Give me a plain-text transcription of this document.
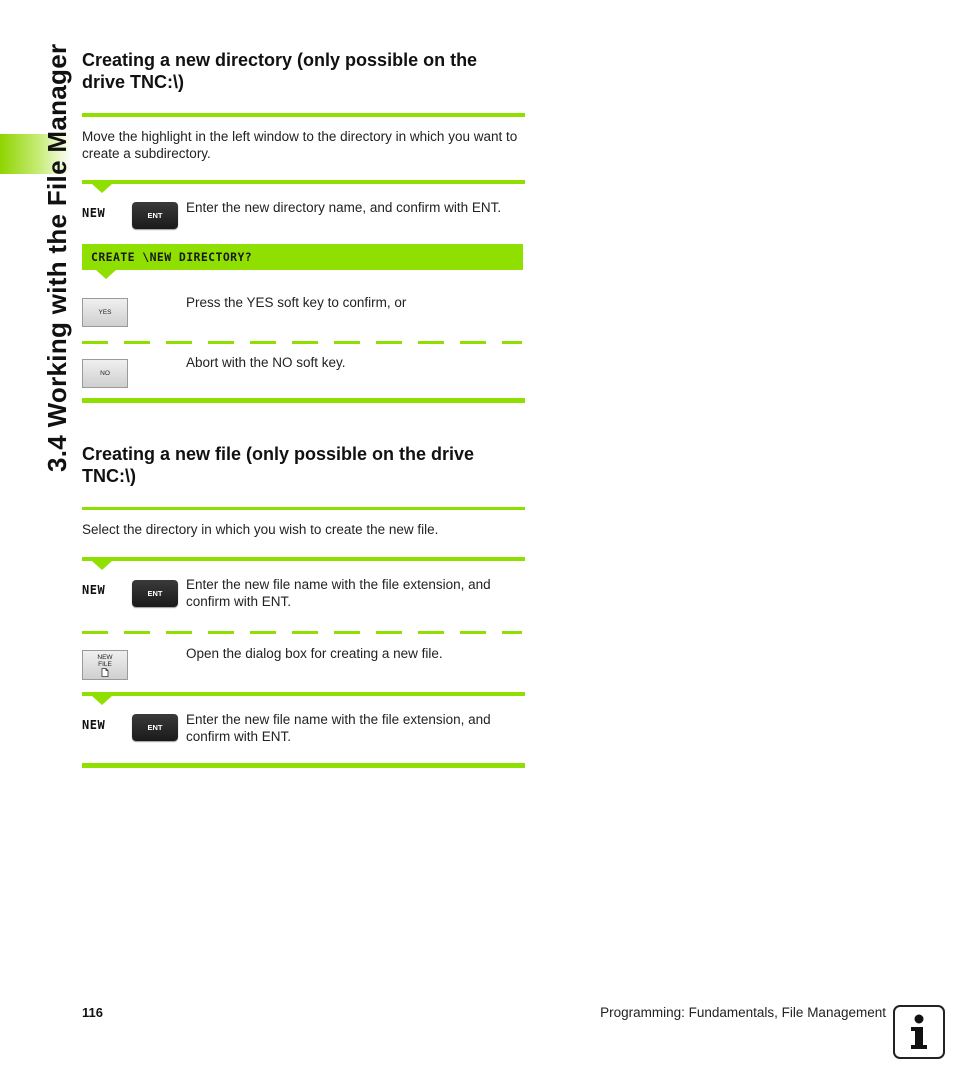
3.4 Working with the File Manager Creating a new directory (only possible on the drive TNC:\)

Move the highlight in the left window to the directory in which you want to create a subdirectory.

NEW	ENT

Enter the new directory name, and confirm with ENT.

CREATE \NEW DIRECTORY?
YES

Press the YES soft key to confirm, or

NO

Abort with the NO soft key.

Creating a new file (only possible on the drive TNC:\)

Select the directory in which you wish to create the new file.

NEW	ENT

Enter the new file name with the file extension, and confirm with ENT.

NEW
FILE

Open the dialog box for creating a new file.

NEW	ENT

Enter the new file name with the file extension, and confirm with ENT.

116	Programming: Fundamentals, File Management
